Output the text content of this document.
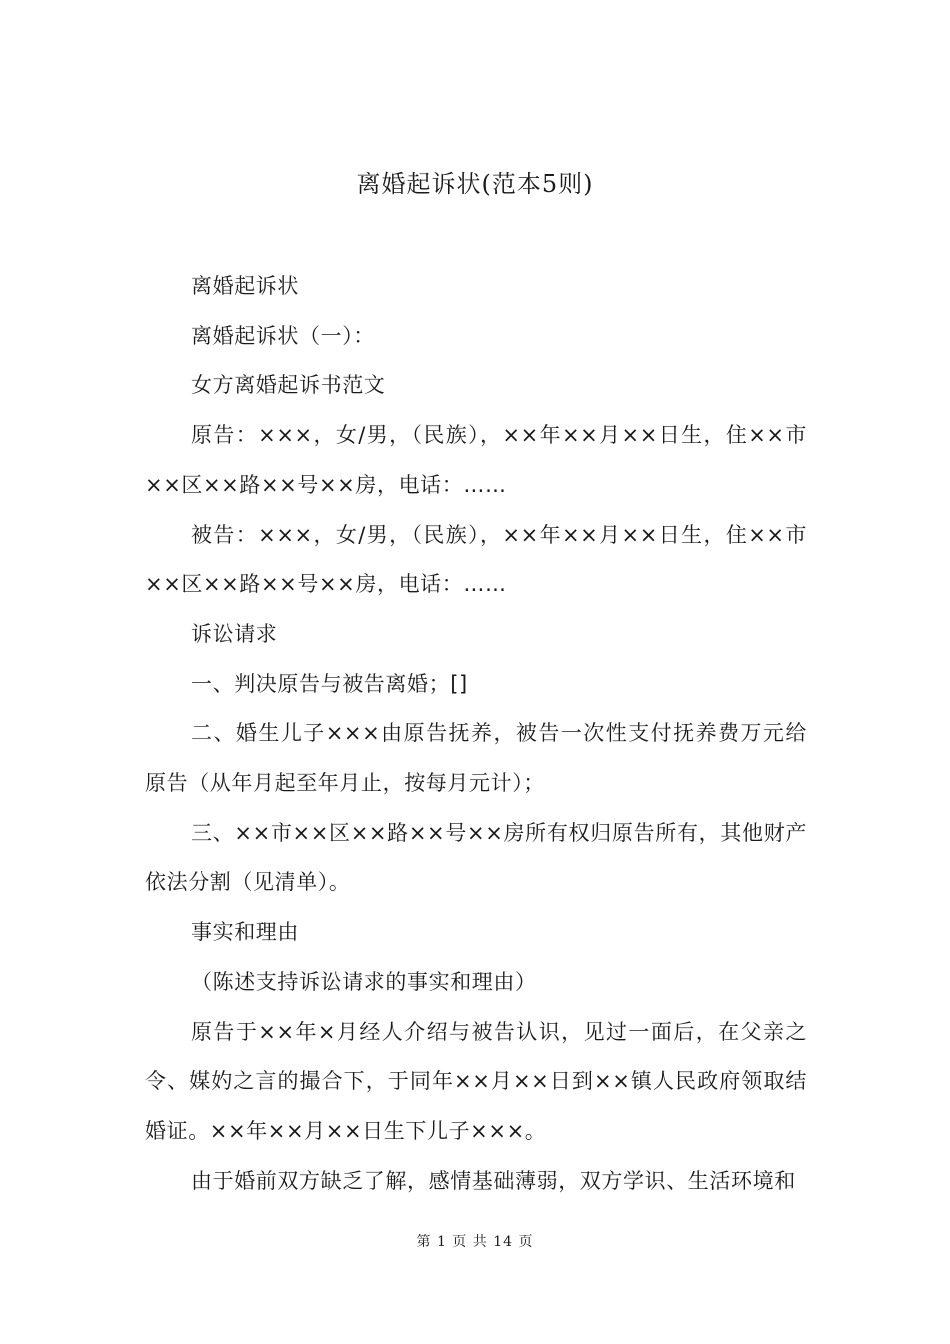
离婚起诉状(范本5则)

离婚起诉状

离婚起诉状（一）：

女方离婚起诉书范文

原告：×××，女/男，（民族），××年××月××日生，住××市××区××路××号××房，电话：……

被告：×××，女/男，（民族），××年××月××日生，住××市××区××路××号××房，电话：……

诉讼请求

一、判决原告与被告离婚；[]

二、婚生儿子×××由原告抚养，被告一次性支付抚养费万元给原告（从年月起至年月止，按每月元计）；

三、××市××区××路××号××房所有权归原告所有，其他财产依法分割（见清单）。

事实和理由

（陈述支持诉讼请求的事实和理由）

原告于××年×月经人介绍与被告认识，见过一面后，在父亲之令、媒妁之言的撮合下，于同年××月××日到××镇人民政府领取结婚证。××年××月××日生下儿子×××。

由于婚前双方缺乏了解，感情基础薄弱，双方学识、生活环境和

第 1 页 共 14 页
